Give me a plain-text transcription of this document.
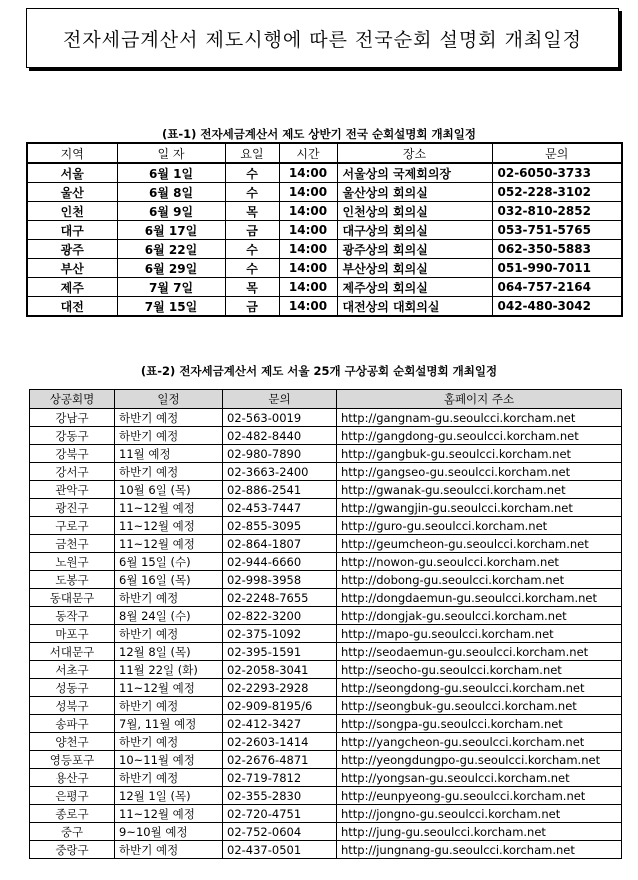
전자세금계산서 제도시행에 따른 전국순회 설명회 개최일정
(표-1) 전자세금계산서 제도 상반기 전국 순회설명회 개최일정
지역	일 자	요일	시간	장소	문의
서울	6월 1일	수	14:00	서울상의 국제회의장	02-6050-3733
울산	6월 8일	수	14:00	울산상의 회의실	052-228-3102
인천	6월 9일	목	14:00	인천상의 회의실	032-810-2852
대구	6월 17일	금	14:00	대구상의 회의실	053-751-5765
광주	6월 22일	수	14:00	광주상의 회의실	062-350-5883
부산	6월 29일	수	14:00	부산상의 회의실	051-990-7011
제주	7월 7일	목	14:00	제주상의 회의실	064-757-2164
대전	7월 15일	금	14:00	대전상의 대회의실	042-480-3042
(표-2) 전자세금계산서 제도 서울 25개 구상공회 순회설명회 개최일정
상공회명	일정	문의	홈페이지 주소
강남구	하반기 예정	02-563-0019	http://gangnam-gu.seoulcci.korcham.net
강동구	하반기 예정	02-482-8440	http://gangdong-gu.seoulcci.korcham.net
강북구	11월 예정	02-980-7890	http://gangbuk-gu.seoulcci.korcham.net
강서구	하반기 예정	02-3663-2400	http://gangseo-gu.seoulcci.korcham.net
관악구	10월 6일 (목)	02-886-2541	http://gwanak-gu.seoulcci.korcham.net
광진구	11~12월 예정	02-453-7447	http://gwangjin-gu.seoulcci.korcham.net
구로구	11~12월 예정	02-855-3095	http://guro-gu.seoulcci.korcham.net
금천구	11~12월 예정	02-864-1807	http://geumcheon-gu.seoulcci.korcham.net
노원구	6월 15일 (수)	02-944-6660	http://nowon-gu.seoulcci.korcham.net
도봉구	6월 16일 (목)	02-998-3958	http://dobong-gu.seoulcci.korcham.net
동대문구	하반기 예정	02-2248-7655	http://dongdaemun-gu.seoulcci.korcham.net
동작구	8월 24일 (수)	02-822-3200	http://dongjak-gu.seoulcci.korcham.net
마포구	하반기 예정	02-375-1092	http://mapo-gu.seoulcci.korcham.net
서대문구	12월 8일 (목)	02-395-1591	http://seodaemun-gu.seoulcci.korcham.net
서초구	11월 22일 (화)	02-2058-3041	http://seocho-gu.seoulcci.korcham.net
성동구	11~12월 예정	02-2293-2928	http://seongdong-gu.seoulcci.korcham.net
성북구	하반기 예정	02-909-8195/6	http://seongbuk-gu.seoulcci.korcham.net
송파구	7월, 11월 예정	02-412-3427	http://songpa-gu.seoulcci.korcham.net
양천구	하반기 예정	02-2603-1414	http://yangcheon-gu.seoulcci.korcham.net
영등포구	10~11월 예정	02-2676-4871	http://yeongdungpo-gu.seoulcci.korcham.net
용산구	하반기 예정	02-719-7812	http://yongsan-gu.seoulcci.korcham.net
은평구	12월 1일 (목)	02-355-2830	http://eunpyeong-gu.seoulcci.korcham.net
종로구	11~12월 예정	02-720-4751	http://jongno-gu.seoulcci.korcham.net
중구	9~10월 예정	02-752-0604	http://jung-gu.seoulcci.korcham.net
중랑구	하반기 예정	02-437-0501	http://jungnang-gu.seoulcci.korcham.net
